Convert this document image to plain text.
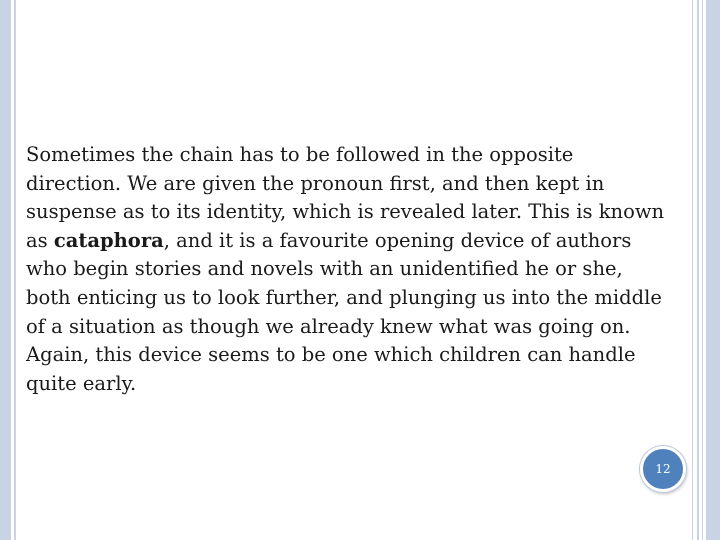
Sometimes the chain has to be followed in the opposite direction. We are given the pronoun first, and then kept in suspense as to its identity, which is revealed later. This is known as cataphora, and it is a favourite opening device of authors who begin stories and novels with an unidentified he or she, both enticing us to look further, and plunging us into the middle of a situation as though we already knew what was going on. Again, this device seems to be one which children can handle quite early.

12
